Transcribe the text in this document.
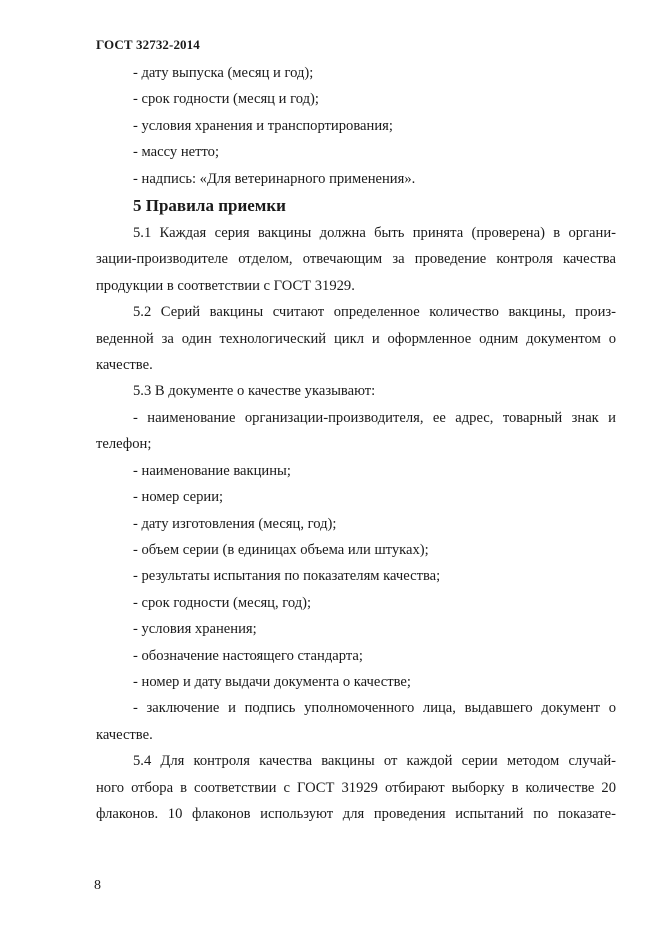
ГОСТ 32732-2014

- дату выпуска (месяц и год);

- срок годности (месяц и год);

- условия хранения и транспортирования;

- массу нетто;

- надпись: «Для ветеринарного применения».

5 Правила приемки

5.1 Каждая серия вакцины должна быть принята (проверена) в органи-

зации-производителе отделом, отвечающим за проведение контроля качества

продукции в соответствии с ГОСТ 31929.

5.2 Серий вакцины считают определенное количество вакцины, произ-

веденной за один технологический цикл и оформленное одним документом о

качестве.

5.3 В документе о качестве указывают:

- наименование организации-производителя, ее адрес, товарный знак и

телефон;

- наименование вакцины;

- номер серии;

- дату изготовления (месяц, год);

- объем серии (в единицах объема или штуках);

- результаты испытания по показателям качества;

- срок годности (месяц, год);

- условия хранения;

- обозначение настоящего стандарта;

- номер и дату выдачи документа о качестве;

- заключение и подпись уполномоченного лица, выдавшего документ о

качестве.

5.4 Для контроля качества вакцины от каждой серии методом случай-

ного отбора в соответствии с ГОСТ 31929 отбирают выборку в количестве 20

флаконов. 10 флаконов используют для проведения испытаний по показате-

8
